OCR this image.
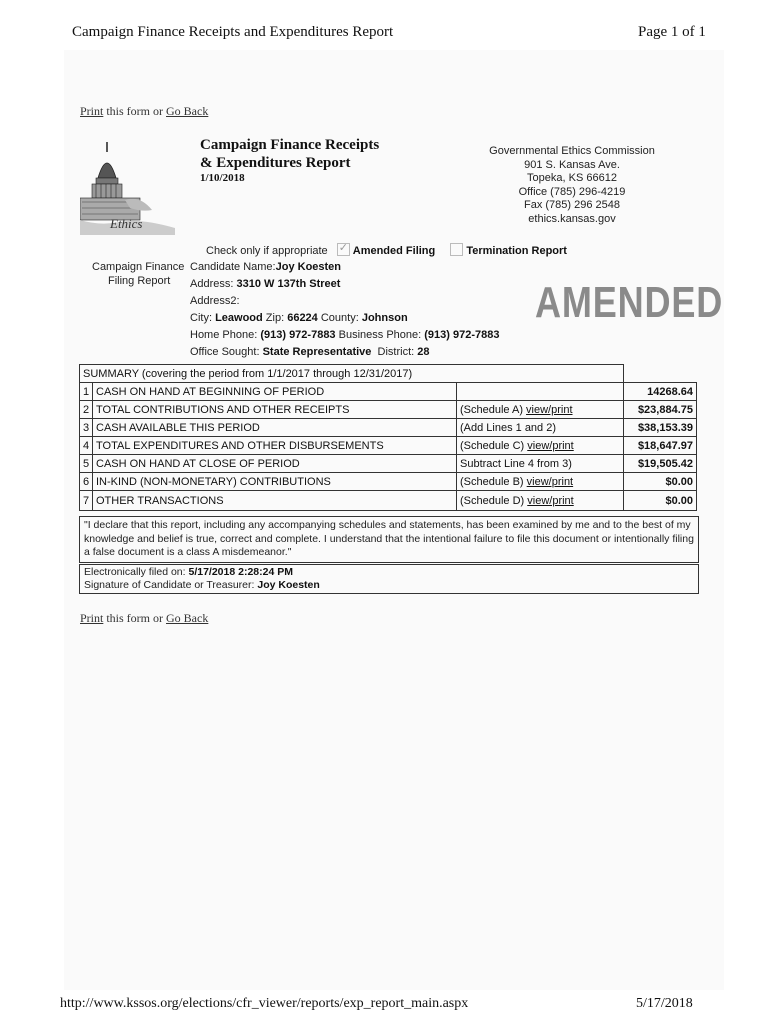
Campaign Finance Receipts and Expenditures Report	Page 1 of 1
Print this form or Go Back
Ethics
Campaign Finance Receipts
& Expenditures Report
1/10/2018
Governmental Ethics Commission
901 S. Kansas Ave.
Topeka, KS 66612
Office (785) 296-4219
Fax (785) 296 2548
ethics.kansas.gov
Check only if appropriate ✓ Amended Filing	Termination Report
Campaign Finance
Filing Report
Candidate Name:Joy Koesten
Address: 3310 W 137th Street
Address2:
City: Leawood Zip: 66224 County: Johnson
Home Phone: (913) 972-7883 Business Phone: (913) 972-7883
Office Sought: State Representative District: 28
AMENDED
SUMMARY (covering the period from 1/1/2017 through 12/31/2017)			
1	CASH ON HAND AT BEGINNING OF PERIOD		14268.64
2	TOTAL CONTRIBUTIONS AND OTHER RECEIPTS	(Schedule A) view/print	$23,884.75
3	CASH AVAILABLE THIS PERIOD	(Add Lines 1 and 2)	$38,153.39
4	TOTAL EXPENDITURES AND OTHER DISBURSEMENTS	(Schedule C) view/print	$18,647.97
5	CASH ON HAND AT CLOSE OF PERIOD	Subtract Line 4 from 3)	$19,505.42
6	IN-KIND (NON-MONETARY) CONTRIBUTIONS	(Schedule B) view/print	$0.00
7	OTHER TRANSACTIONS	(Schedule D) view/print	$0.00
"I declare that this report, including any accompanying schedules and statements, has been examined by me and to the best of my knowledge and belief is true, correct and complete. I understand that the intentional failure to file this document or intentionally filing a false document is a class A misdemeanor."
Electronically filed on: 5/17/2018 2:28:24 PM
Signature of Candidate or Treasurer: Joy Koesten
Print this form or Go Back
http://www.kssos.org/elections/cfr_viewer/reports/exp_report_main.aspx	5/17/2018
